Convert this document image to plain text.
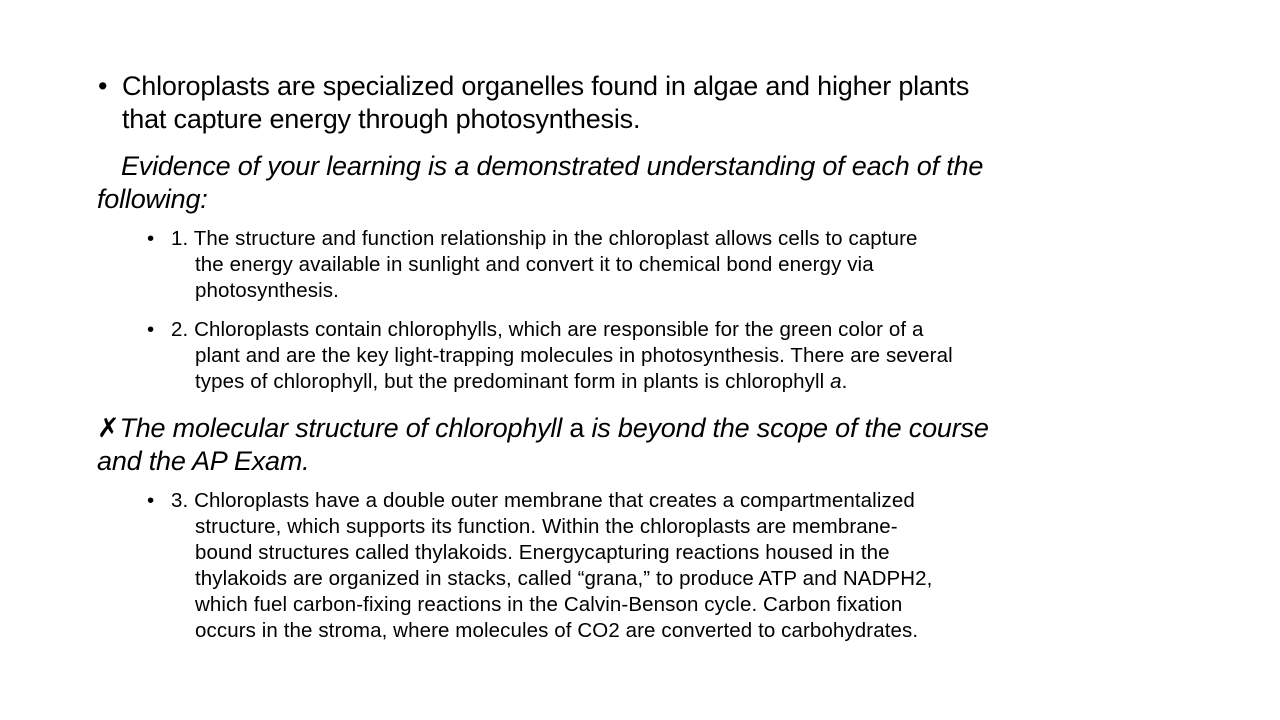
• Chloroplasts are specialized organelles found in algae and higher plants
that capture energy through photosynthesis.
Evidence of your learning is a demonstrated understanding of each of the
following:
• 1. The structure and function relationship in the chloroplast allows cells to capture
the energy available in sunlight and convert it to chemical bond energy via
photosynthesis.
• 2. Chloroplasts contain chlorophylls, which are responsible for the green color of a
plant and are the key light-trapping molecules in photosynthesis. There are several
types of chlorophyll, but the predominant form in plants is chlorophyll a.
✗The molecular structure of chlorophyll a is beyond the scope of the course
and the AP Exam.
• 3. Chloroplasts have a double outer membrane that creates a compartmentalized
structure, which supports its function. Within the chloroplasts are membrane-
bound structures called thylakoids. Energycapturing reactions housed in the
thylakoids are organized in stacks, called “grana,” to produce ATP and NADPH2,
which fuel carbon-fixing reactions in the Calvin-Benson cycle. Carbon fixation
occurs in the stroma, where molecules of CO2 are converted to carbohydrates.
